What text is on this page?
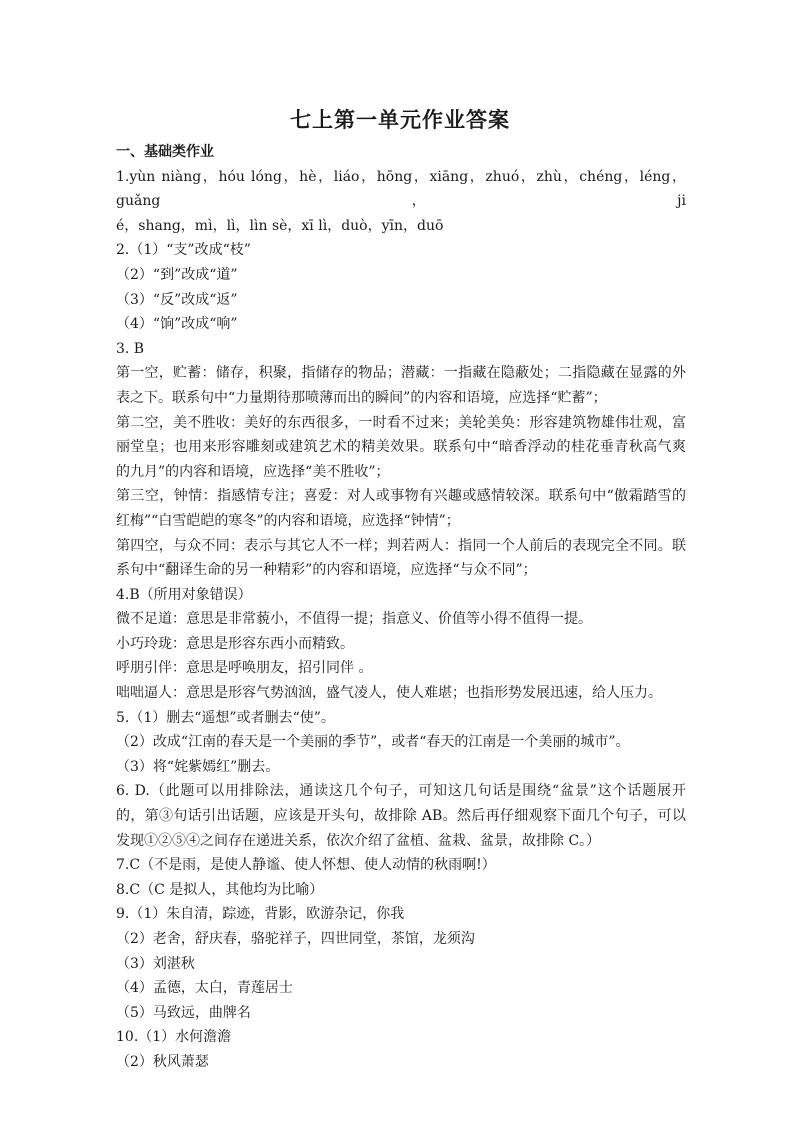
七上第一单元作业答案
一、基础类作业
1.yùn niàng，hóu lóng，hè，liáo，hōng，xiāng，zhuó，zhù，chéng，léng，guǎng，ji
é，shang，mì，lì，lìn sè，xī lì，duò，yīn，duō
2.（1）“支”改成“枝”
（2）“到”改成“道”
（3）“反”改成“返”
（4）“饷”改成“响”
3. B
第一空，贮蓄：储存，积聚，指储存的物品；潜藏：一指藏在隐蔽处；二指隐藏在显露的外
表之下。联系句中“力量期待那喷薄而出的瞬间”的内容和语境，应选择“贮蓄”；
第二空，美不胜收：美好的东西很多，一时看不过来；美轮美奂：形容建筑物雄伟壮观，富
丽堂皇；也用来形容雕刻或建筑艺术的精美效果。联系句中“暗香浮动的桂花垂青秋高气爽
的九月”的内容和语境，应选择“美不胜收”；
第三空，钟情：指感情专注；喜爱：对人或事物有兴趣或感情较深。联系句中“傲霜踏雪的
红梅”“白雪皑皑的寒冬”的内容和语境，应选择“钟情”；
第四空，与众不同：表示与其它人不一样；判若两人：指同一个人前后的表现完全不同。联
系句中“翻译生命的另一种精彩”的内容和语境，应选择“与众不同”；
4.B（所用对象错误）
微不足道：意思是非常藐小，不值得一提；指意义、价值等小得不值得一提。
小巧玲珑：意思是形容东西小而精致。
呼朋引伴：意思是呼唤朋友，招引同伴 。
咄咄逼人：意思是形容气势汹汹，盛气凌人，使人难堪；也指形势发展迅速，给人压力。
5.（1）删去“遥想”或者删去“使”。
（2）改成“江南的春天是一个美丽的季节”，或者“春天的江南是一个美丽的城市”。
（3）将“姹紫嫣红”删去。
6. D.（此题可以用排除法，通读这几个句子，可知这几句话是围绕“盆景”这个话题展开
的，第③句话引出话题，应该是开头句，故排除 AB。然后再仔细观察下面几个句子，可以
发现①②⑤④之间存在递进关系，依次介绍了盆植、盆栽、盆景，故排除 C。）
7.C（不是雨，是使人静谧、使人怀想、使人动情的秋雨啊!）
8.C（C 是拟人，其他均为比喻）
9.（1）朱自清，踪迹，背影，欧游杂记，你我
（2）老舍，舒庆春，骆驼祥子，四世同堂，茶馆，龙须沟
（3）刘湛秋
（4）孟德，太白，青莲居士
（5）马致远，曲牌名
10.（1）水何澹澹
（2）秋风萧瑟
